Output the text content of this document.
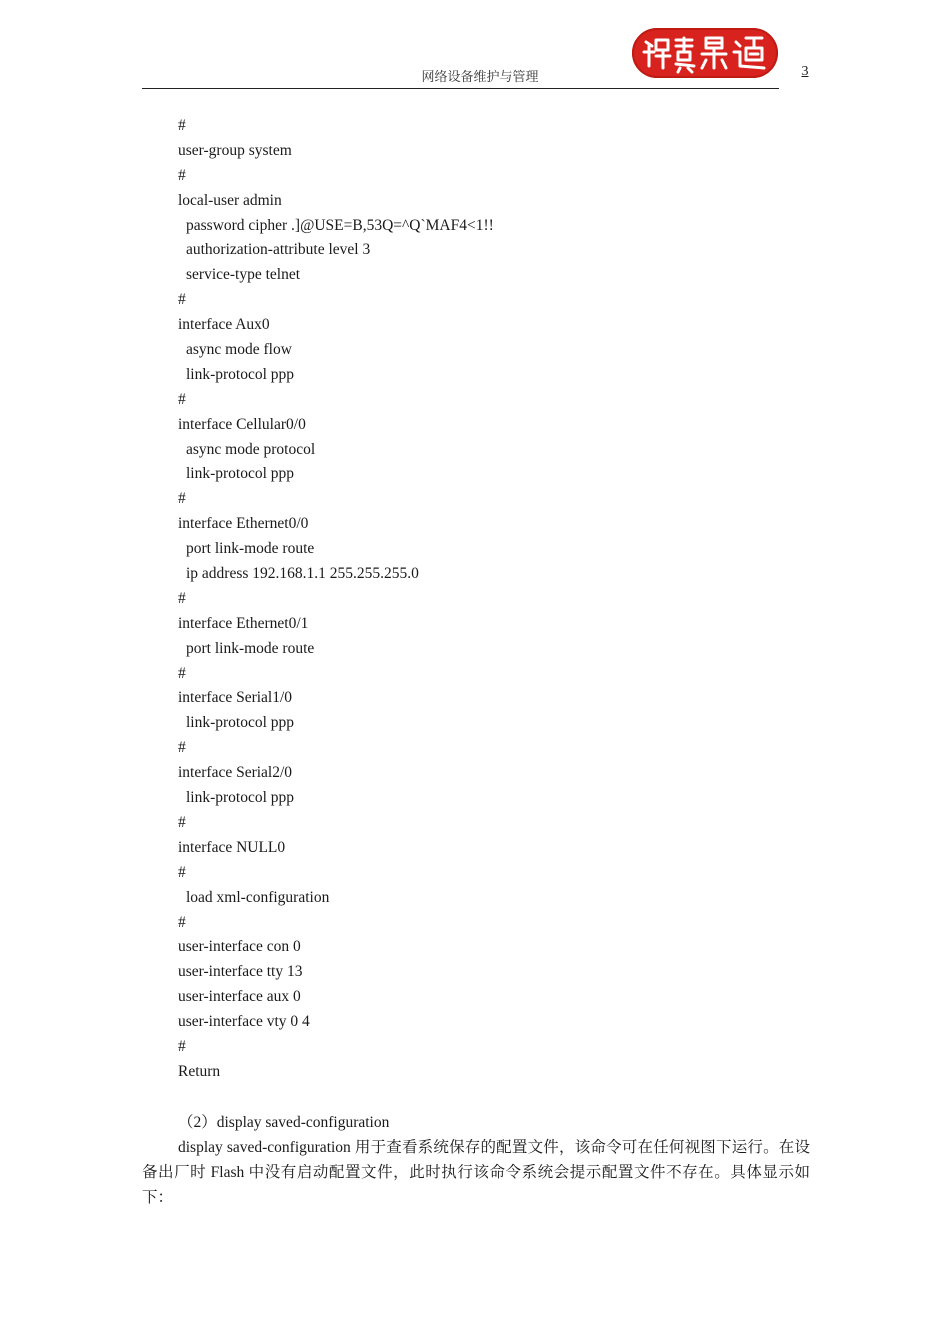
网络设备维护与管理	3
#
user-group system
#
local-user admin
password cipher .]@USE=B,53Q=^Q`MAF4<1!!
authorization-attribute level 3
service-type telnet
#
interface Aux0
async mode flow
link-protocol ppp
#
interface Cellular0/0
async mode protocol
link-protocol ppp
#
interface Ethernet0/0
port link-mode route
ip address 192.168.1.1 255.255.255.0
#
interface Ethernet0/1
port link-mode route
#
interface Serial1/0
link-protocol ppp
#
interface Serial2/0
link-protocol ppp
#
interface NULL0
#
load xml-configuration
#
user-interface con 0
user-interface tty 13
user-interface aux 0
user-interface vty 0 4
#
Return
（2）display saved-configuration
display saved-configuration 用于查看系统保存的配置文件，该命令可在任何视图下运行。在设备出厂时 Flash 中没有启动配置文件，此时执行该命令系统会提示配置文件不存在。具体显示如下：
